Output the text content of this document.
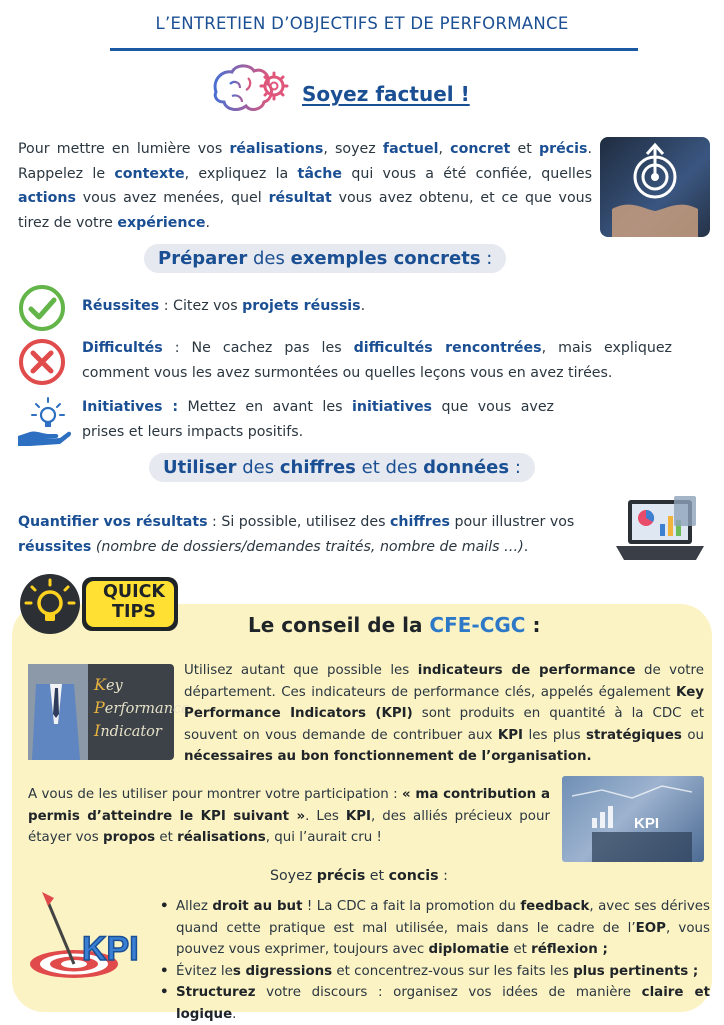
L’ENTRETIEN D’OBJECTIFS ET DE PERFORMANCE
Soyez factuel !
Pour mettre en lumière vos réalisations, soyez factuel, concret et précis. Rappelez le contexte, expliquez la tâche qui vous a été confiée, quelles actions vous avez menées, quel résultat vous avez obtenu, et ce que vous tirez de votre expérience.
Préparer des exemples concrets :
Réussites : Citez vos projets réussis.
Difficultés : Ne cachez pas les difficultés rencontrées, mais expliquez comment vous les avez surmontées ou quelles leçons vous en avez tirées.
Initiatives : Mettez en avant les initiatives que vous avez prises et leurs impacts positifs.
Utiliser des chiffres et des données :
Quantifier vos résultats : Si possible, utilisez des chiffres pour illustrer vos réussites (nombre de dossiers/demandes traités, nombre de mails …).
QUICK
TIPS
Le conseil de la CFE-CGC :
Key
Performance
Indicator
Utilisez autant que possible les indicateurs de performance de votre département. Ces indicateurs de performance clés, appelés également Key Performance Indicators (KPI) sont produits en quantité à la CDC et souvent on vous demande de contribuer aux KPI les plus stratégiques ou nécessaires au bon fonctionnement de l’organisation.
A vous de les utiliser pour montrer votre participation : « ma contribution a permis d’atteindre le KPI suivant ». Les KPI, des alliés précieux pour étayer vos propos et réalisations, qui l’aurait cru !
KPI
Soyez précis et concis :
KPI
• Allez droit au but ! La CDC a fait la promotion du feedback, avec ses dérives quand cette pratique est mal utilisée, mais dans le cadre de l’EOP, vous pouvez vous exprimer, toujours avec diplomatie et réflexion ;
• Évitez les digressions et concentrez-vous sur les faits les plus pertinents ;
• Structurez votre discours : organisez vos idées de manière claire et logique.
